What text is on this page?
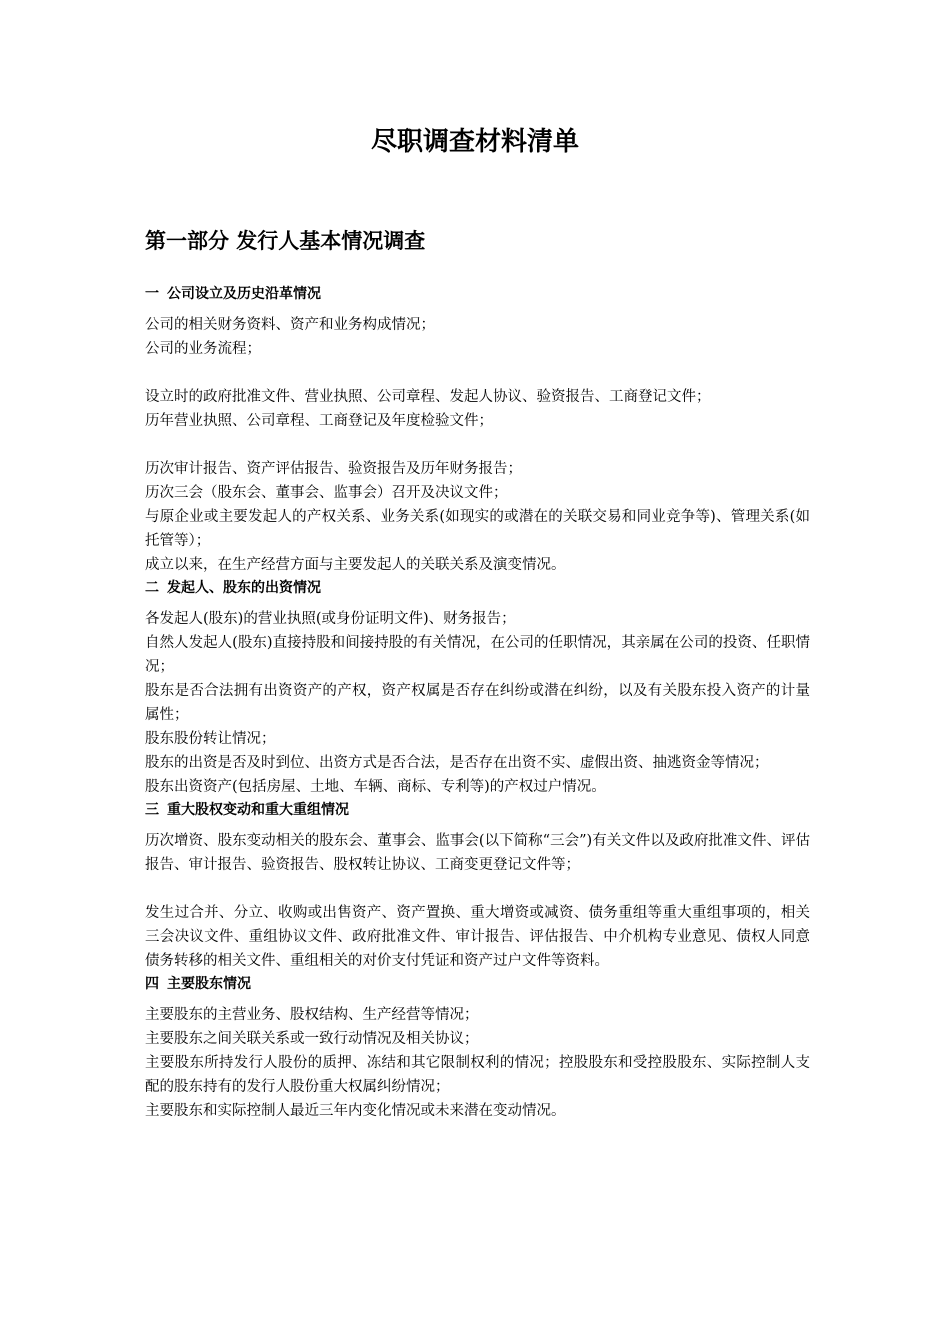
尽职调查材料清单
第一部分 发行人基本情况调查
一 公司设立及历史沿革情况

公司的相关财务资料、资产和业务构成情况；

公司的业务流程；

设立时的政府批准文件、营业执照、公司章程、发起人协议、验资报告、工商登记文件；

历年营业执照、公司章程、工商登记及年度检验文件；

历次审计报告、资产评估报告、验资报告及历年财务报告；

历次三会（股东会、董事会、监事会）召开及决议文件；

与原企业或主要发起人的产权关系、业务关系(如现实的或潜在的关联交易和同业竞争等)、管理关系(如托管等）；

成立以来，在生产经营方面与主要发起人的关联关系及演变情况。

二 发起人、股东的出资情况

各发起人(股东)的营业执照(或身份证明文件)、财务报告；

自然人发起人(股东)直接持股和间接持股的有关情况，在公司的任职情况，其亲属在公司的投资、任职情况；

股东是否合法拥有出资资产的产权，资产权属是否存在纠纷或潜在纠纷，以及有关股东投入资产的计量属性；

股东股份转让情况；

股东的出资是否及时到位、出资方式是否合法，是否存在出资不实、虚假出资、抽逃资金等情况；

股东出资资产(包括房屋、土地、车辆、商标、专利等)的产权过户情况。

三 重大股权变动和重大重组情况

历次增资、股东变动相关的股东会、董事会、监事会(以下简称“三会”)有关文件以及政府批准文件、评估报告、审计报告、验资报告、股权转让协议、工商变更登记文件等；

发生过合并、分立、收购或出售资产、资产置换、重大增资或减资、债务重组等重大重组事项的，相关三会决议文件、重组协议文件、政府批准文件、审计报告、评估报告、中介机构专业意见、债权人同意债务转移的相关文件、重组相关的对价支付凭证和资产过户文件等资料。

四 主要股东情况

主要股东的主营业务、股权结构、生产经营等情况；

主要股东之间关联关系或一致行动情况及相关协议；

主要股东所持发行人股份的质押、冻结和其它限制权利的情况；控股股东和受控股股东、实际控制人支配的股东持有的发行人股份重大权属纠纷情况；

主要股东和实际控制人最近三年内变化情况或未来潜在变动情况。
